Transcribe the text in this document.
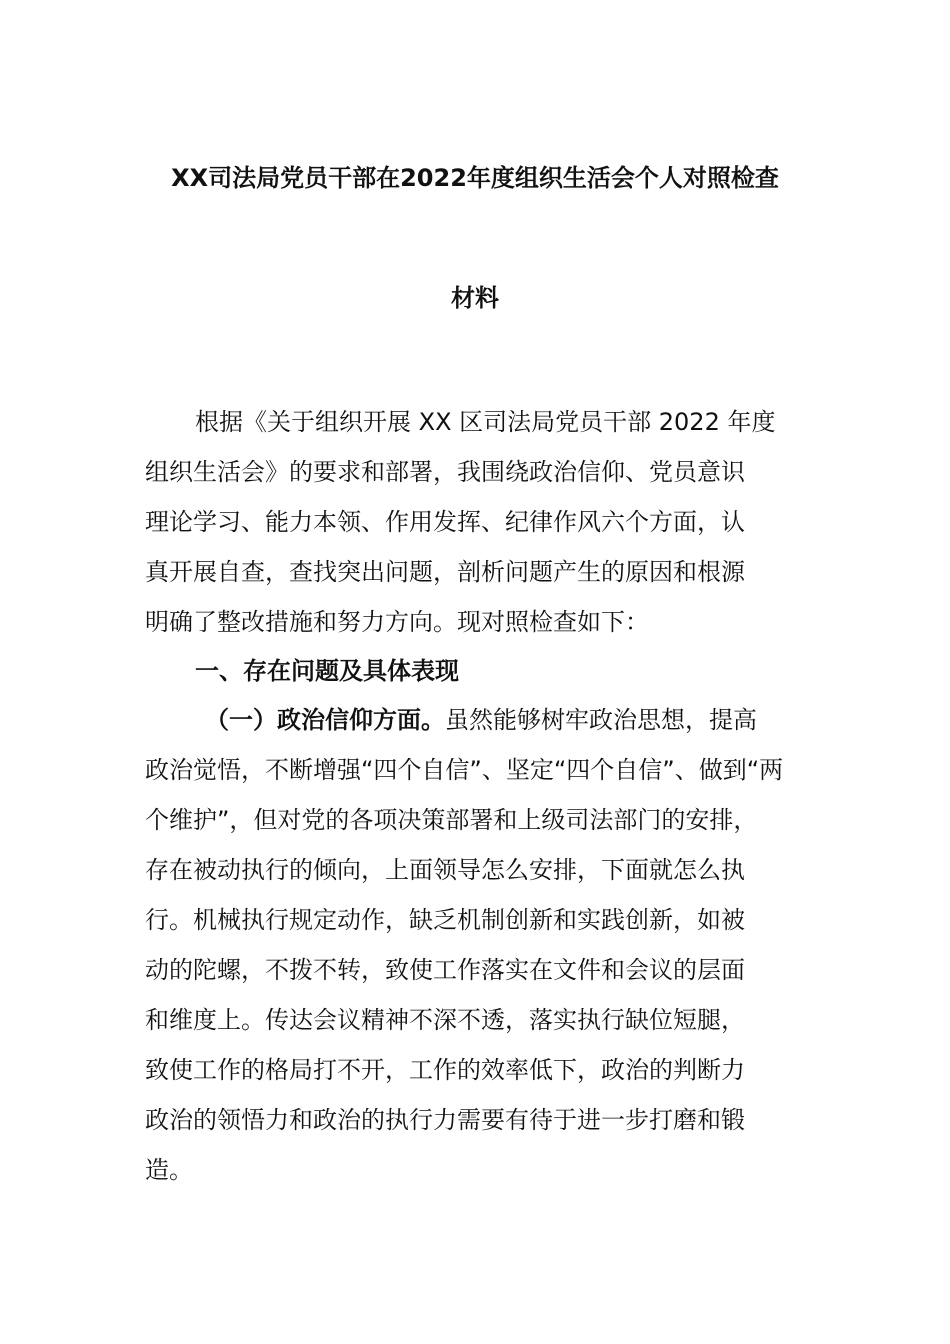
XX司法局党员干部在2022年度组织生活会个人对照检查
材料

根据《关于组织开展 XX 区司法局党员干部 2022 年度

组织生活会》的要求和部署，我围绕政治信仰、党员意识

理论学习、能力本领、作用发挥、纪律作风六个方面，认

真开展自查，查找突出问题，剖析问题产生的原因和根源

明确了整改措施和努力方向。现对照检查如下：

一、存在问题及具体表现

（一）政治信仰方面。虽然能够树牢政治思想，提高

政治觉悟，不断增强“四个自信”、坚定“四个自信”、做到“两

个维护”，但对党的各项决策部署和上级司法部门的安排，

存在被动执行的倾向，上面领导怎么安排，下面就怎么执

行。机械执行规定动作，缺乏机制创新和实践创新，如被

动的陀螺，不拨不转，致使工作落实在文件和会议的层面

和维度上。传达会议精神不深不透，落实执行缺位短腿，

致使工作的格局打不开，工作的效率低下，政治的判断力

政治的领悟力和政治的执行力需要有待于进一步打磨和锻

造。
